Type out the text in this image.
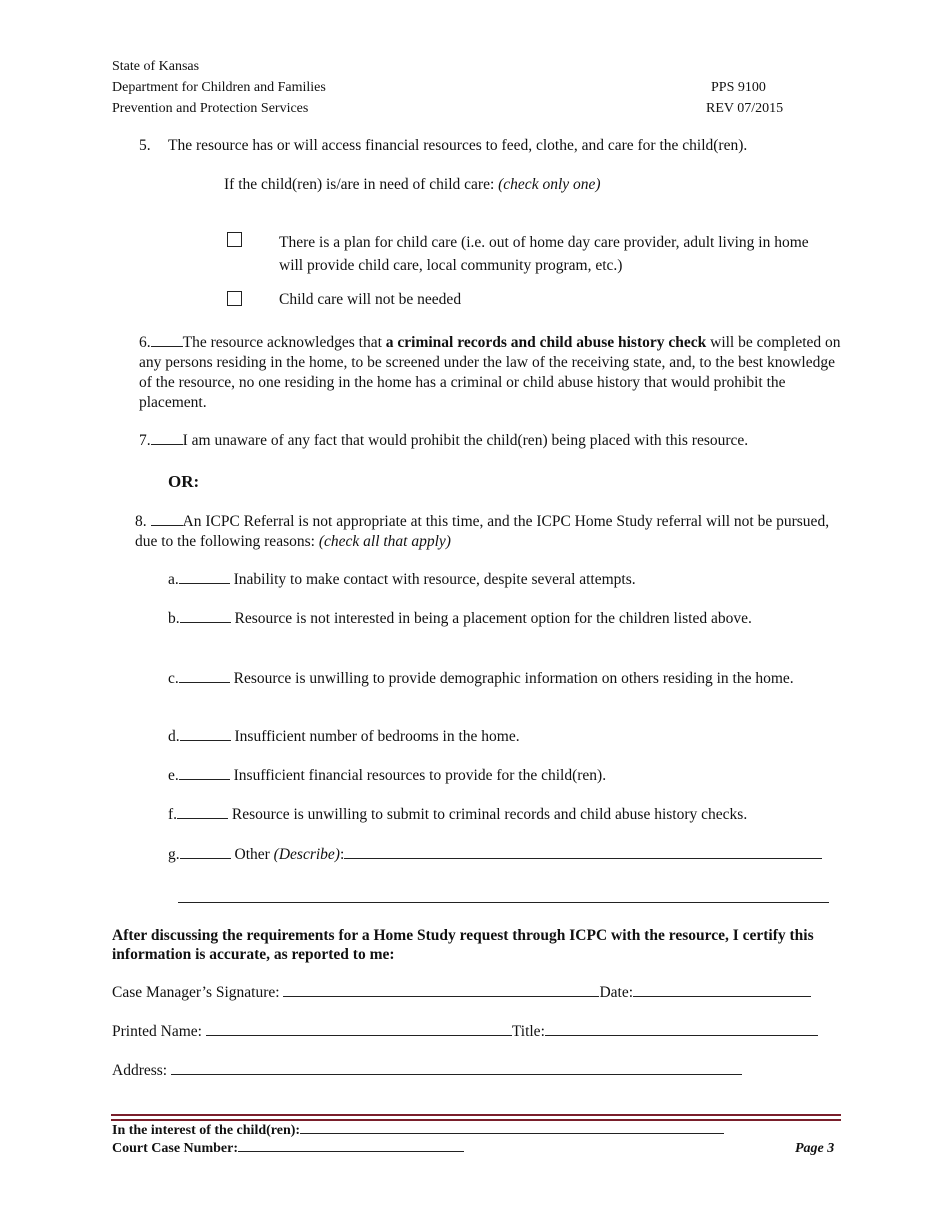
State of Kansas
Department for Children and Families
Prevention and Protection Services
PPS 9100
REV 07/2015
5. The resource has or will access financial resources to feed, clothe, and care for the child(ren).
If the child(ren) is/are in need of child care: (check only one)
There is a plan for child care (i.e. out of home day care provider, adult living in home will provide child care, local community program, etc.)
Child care will not be needed
6. The resource acknowledges that a criminal records and child abuse history check will be completed on any persons residing in the home, to be screened under the law of the receiving state, and, to the best knowledge of the resource, no one residing in the home has a criminal or child abuse history that would prohibit the placement.
7. I am unaware of any fact that would prohibit the child(ren) being placed with this resource.
OR:
8. An ICPC Referral is not appropriate at this time, and the ICPC Home Study referral will not be pursued, due to the following reasons: (check all that apply)
a.	Inability to make contact with resource, despite several attempts.
b.	Resource is not interested in being a placement option for the children listed above.
c.	Resource is unwilling to provide demographic information on others residing in the home.
d.	Insufficient number of bedrooms in the home.
e.	Insufficient financial resources to provide for the child(ren).
f.	Resource is unwilling to submit to criminal records and child abuse history checks.
g.	Other (Describe):
After discussing the requirements for a Home Study request through ICPC with the resource, I certify this information is accurate, as reported to me:
Case Manager’s Signature:	Date:
Printed Name:	Title:
Address:
In the interest of the child(ren):
Court Case Number:	Page 3
